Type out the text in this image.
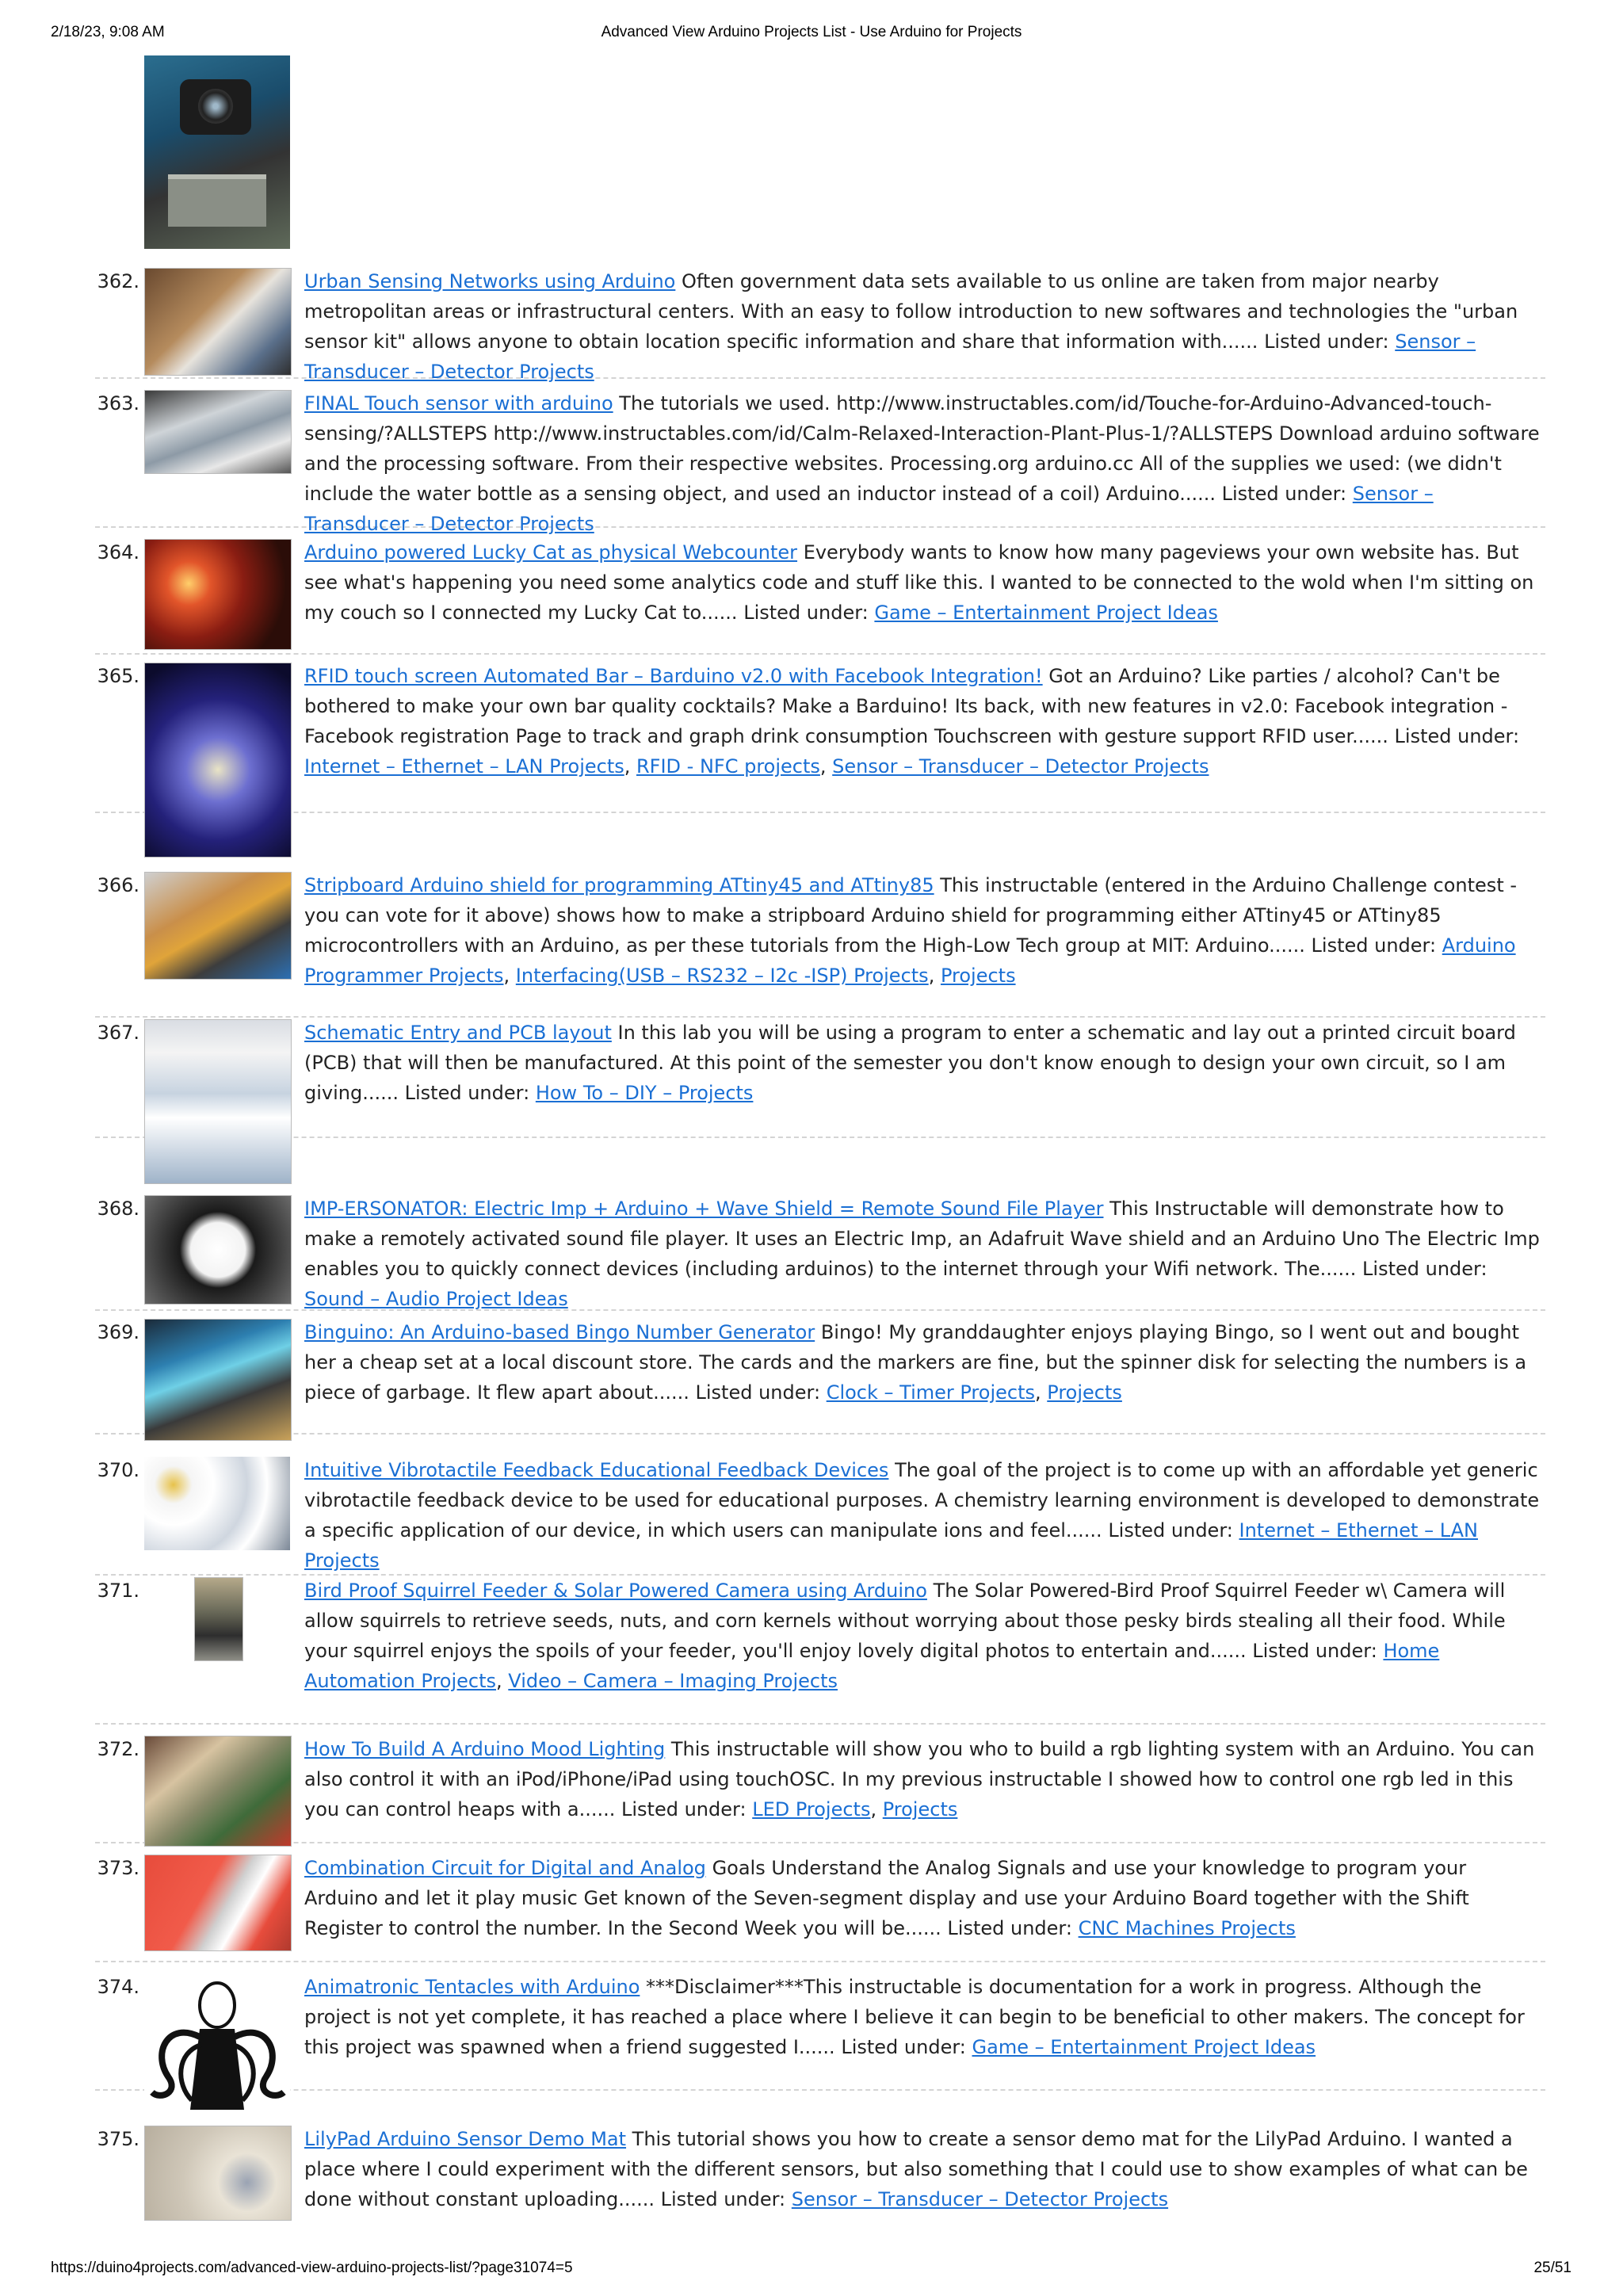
2/18/23, 9:08 AM	Advanced View Arduino Projects List - Use Arduino for Projects
362.	Urban Sensing Networks using Arduino Often government data sets available to us online are taken from major nearby metropolitan areas or infrastructural centers. With an easy to follow introduction to new softwares and technologies the "urban sensor kit" allows anyone to obtain location specific information and share that information with...... Listed under: Sensor – Transducer – Detector Projects
363.	FINAL Touch sensor with arduino The tutorials we used. http://www.instructables.com/id/Touche-for-Arduino-Advanced-touch-sensing/?ALLSTEPS http://www.instructables.com/id/Calm-Relaxed-Interaction-Plant-Plus-1/?ALLSTEPS Download arduino software and the processing software. From their respective websites. Processing.org arduino.cc All of the supplies we used: (we didn't include the water bottle as a sensing object, and used an inductor instead of a coil) Arduino...... Listed under: Sensor – Transducer – Detector Projects
364.	Arduino powered Lucky Cat as physical Webcounter Everybody wants to know how many pageviews your own website has. But see what's happening you need some analytics code and stuff like this. I wanted to be connected to the wold when I'm sitting on my couch so I connected my Lucky Cat to...... Listed under: Game – Entertainment Project Ideas
365.	RFID touch screen Automated Bar – Barduino v2.0 with Facebook Integration! Got an Arduino? Like parties / alcohol? Can't be bothered to make your own bar quality cocktails? Make a Barduino! Its back, with new features in v2.0: Facebook integration - Facebook registration Page to track and graph drink consumption Touchscreen with gesture support RFID user...... Listed under: Internet – Ethernet – LAN Projects, RFID - NFC projects, Sensor – Transducer – Detector Projects
366.	Stripboard Arduino shield for programming ATtiny45 and ATtiny85 This instructable (entered in the Arduino Challenge contest - you can vote for it above) shows how to make a stripboard Arduino shield for programming either ATtiny45 or ATtiny85 microcontrollers with an Arduino, as per these tutorials from the High-Low Tech group at MIT: Arduino...... Listed under: Arduino Programmer Projects, Interfacing(USB – RS232 – I2c -ISP) Projects, Projects
367.	Schematic Entry and PCB layout In this lab you will be using a program to enter a schematic and lay out a printed circuit board (PCB) that will then be manufactured. At this point of the semester you don't know enough to design your own circuit, so I am giving...... Listed under: How To – DIY – Projects
368.	IMP-ERSONATOR: Electric Imp + Arduino + Wave Shield = Remote Sound File Player This Instructable will demonstrate how to make a remotely activated sound file player. It uses an Electric Imp, an Adafruit Wave shield and an Arduino Uno The Electric Imp enables you to quickly connect devices (including arduinos) to the internet through your Wifi network. The...... Listed under: Sound – Audio Project Ideas
369.	Binguino: An Arduino-based Bingo Number Generator Bingo! My granddaughter enjoys playing Bingo, so I went out and bought her a cheap set at a local discount store. The cards and the markers are fine, but the spinner disk for selecting the numbers is a piece of garbage. It flew apart about...... Listed under: Clock – Timer Projects, Projects
370.	Intuitive Vibrotactile Feedback Educational Feedback Devices The goal of the project is to come up with an affordable yet generic vibrotactile feedback device to be used for educational purposes. A chemistry learning environment is developed to demonstrate a specific application of our device, in which users can manipulate ions and feel...... Listed under: Internet – Ethernet – LAN Projects
371.	Bird Proof Squirrel Feeder & Solar Powered Camera using Arduino The Solar Powered-Bird Proof Squirrel Feeder w\ Camera will allow squirrels to retrieve seeds, nuts, and corn kernels without worrying about those pesky birds stealing all their food. While your squirrel enjoys the spoils of your feeder, you'll enjoy lovely digital photos to entertain and...... Listed under: Home Automation Projects, Video – Camera – Imaging Projects
372.	How To Build A Arduino Mood Lighting This instructable will show you who to build a rgb lighting system with an Arduino. You can also control it with an iPod/iPhone/iPad using touchOSC. In my previous instructable I showed how to control one rgb led in this you can control heaps with a...... Listed under: LED Projects, Projects
373.	Combination Circuit for Digital and Analog Goals Understand the Analog Signals and use your knowledge to program your Arduino and let it play music Get known of the Seven-segment display and use your Arduino Board together with the Shift Register to control the number. In the Second Week you will be...... Listed under: CNC Machines Projects
374.	Animatronic Tentacles with Arduino ***Disclaimer***This instructable is documentation for a work in progress. Although the project is not yet complete, it has reached a place where I believe it can begin to be beneficial to other makers. The concept for this project was spawned when a friend suggested I...... Listed under: Game – Entertainment Project Ideas
375.	LilyPad Arduino Sensor Demo Mat This tutorial shows you how to create a sensor demo mat for the LilyPad Arduino. I wanted a place where I could experiment with the different sensors, but also something that I could use to show examples of what can be done without constant uploading...... Listed under: Sensor – Transducer – Detector Projects
https://duino4projects.com/advanced-view-arduino-projects-list/?page31074=5	25/51
